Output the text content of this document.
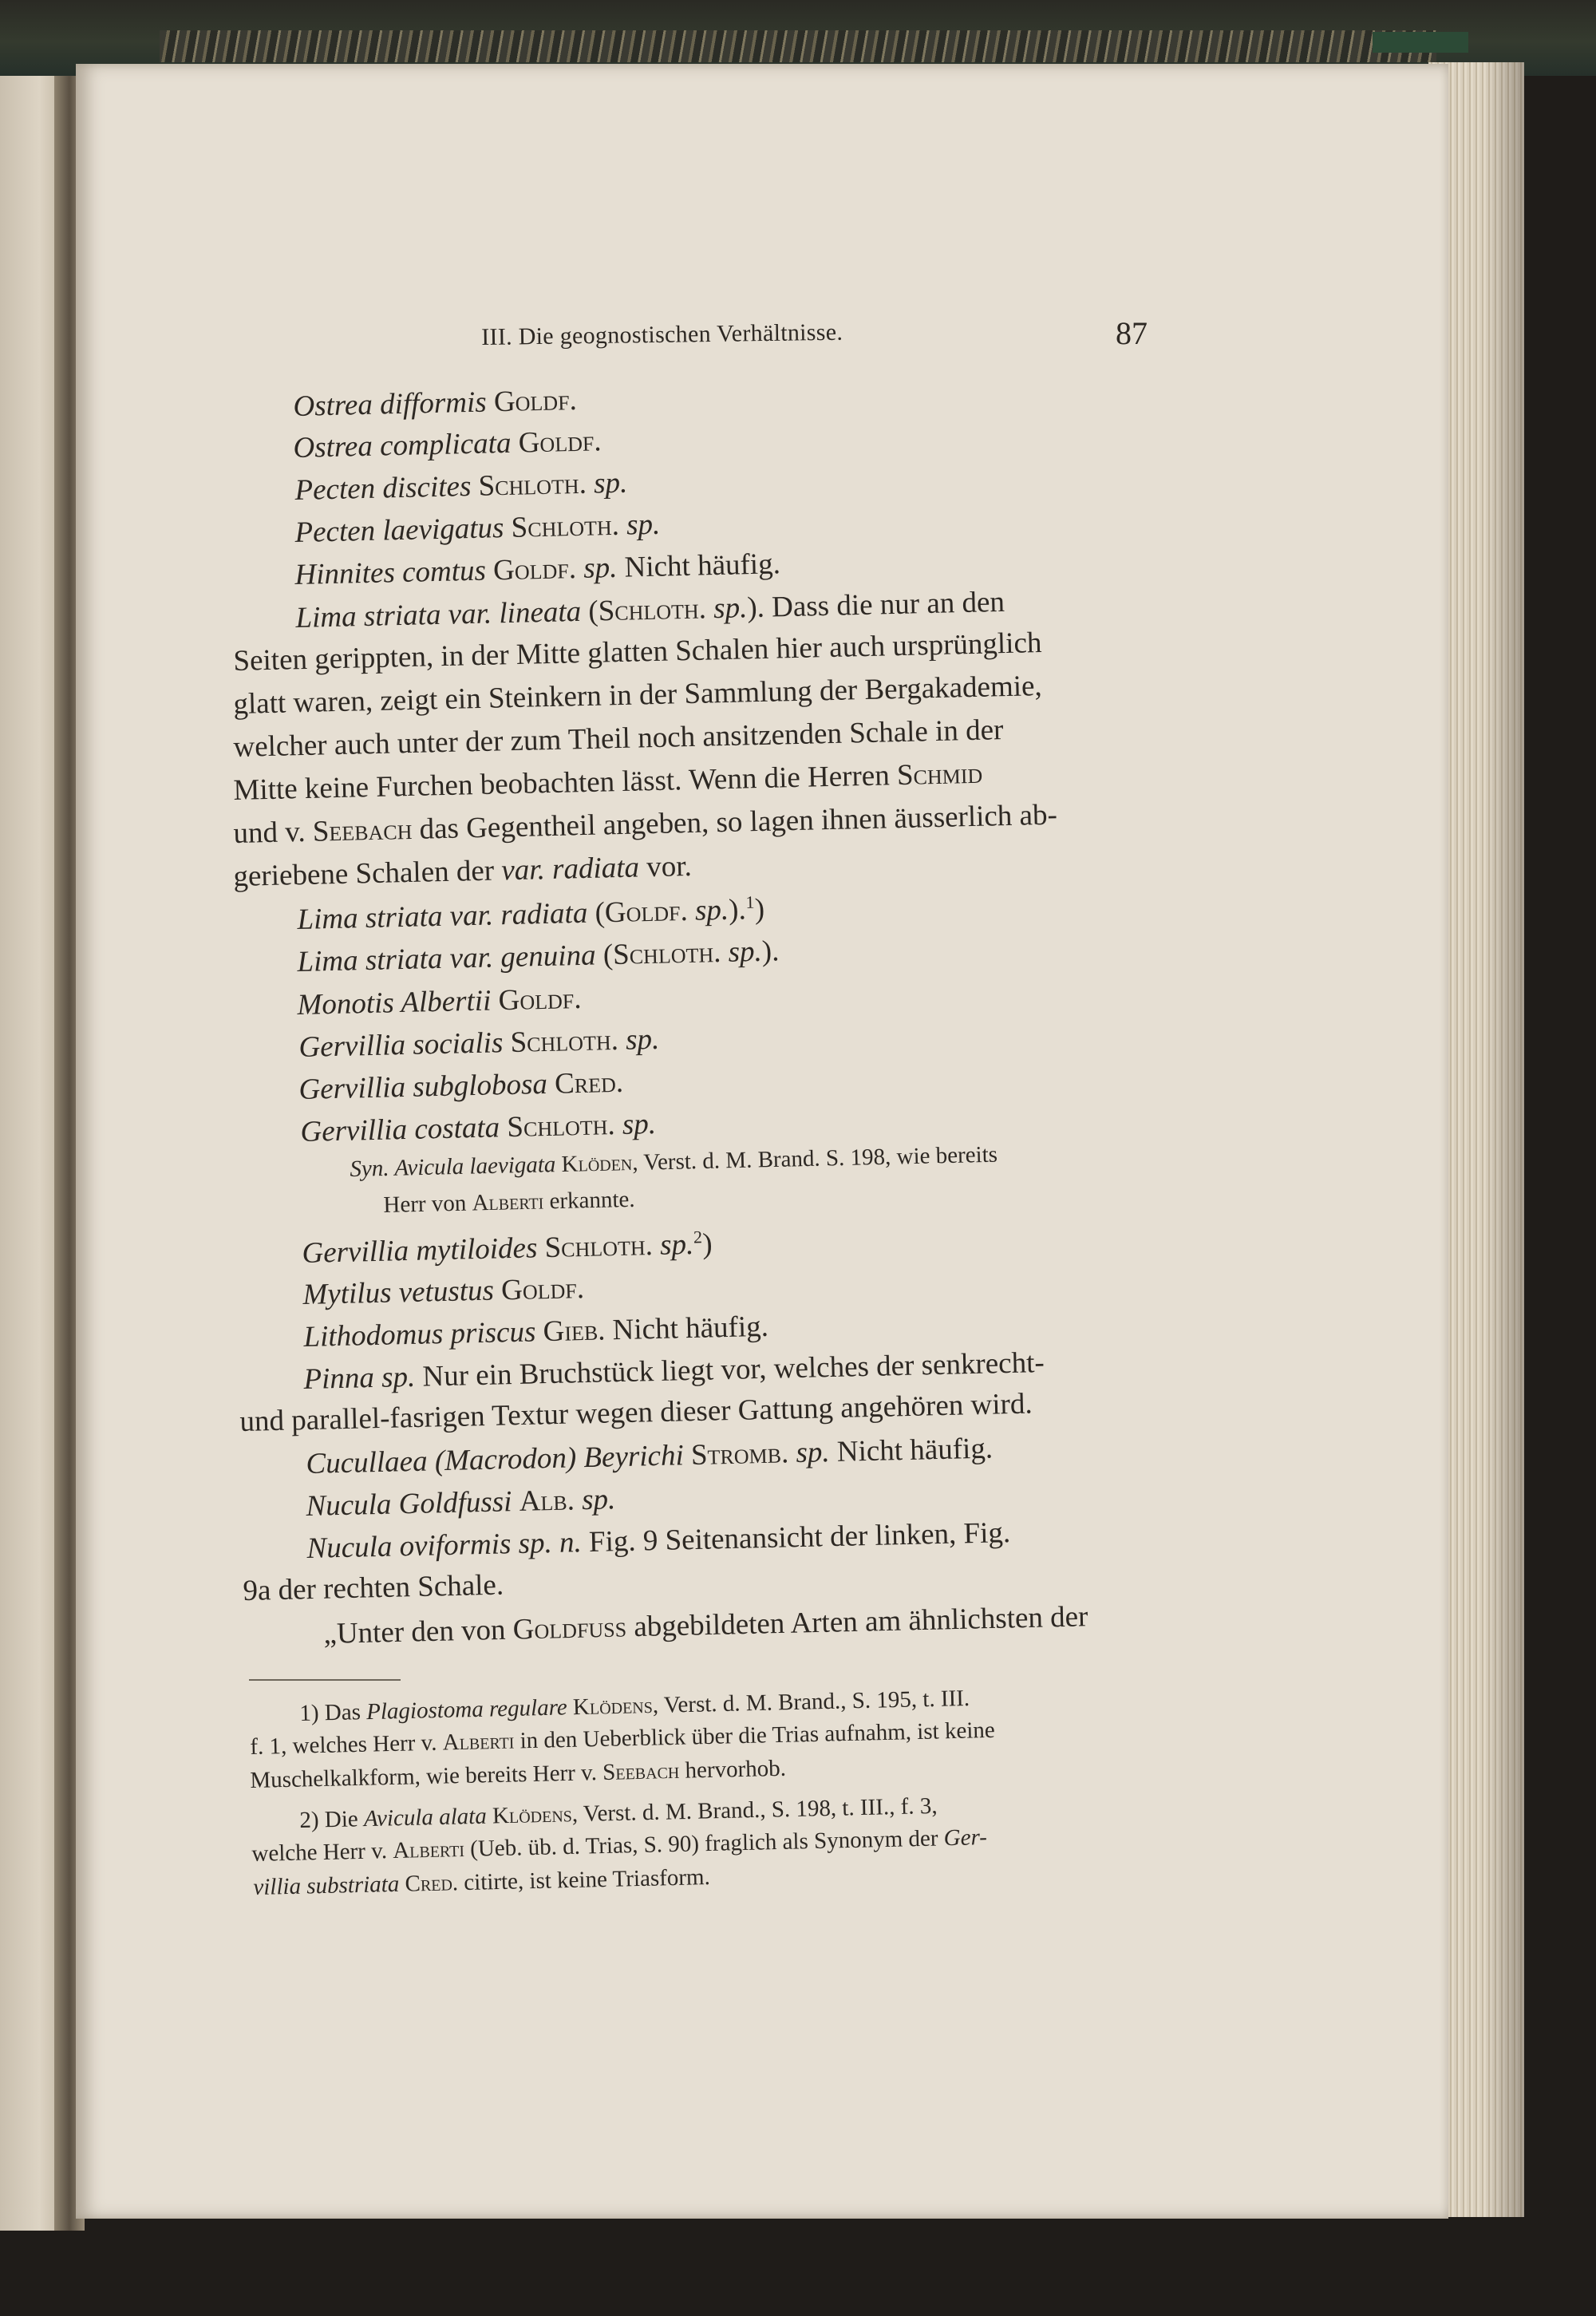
III. Die geognostischen Verhältnisse.	87
Ostrea difformis Goldf.
Ostrea complicata Goldf.
Pecten discites Schloth. sp.
Pecten laevigatus Schloth. sp.
Hinnites comtus Goldf. sp. Nicht häufig.
Lima striata var. lineata (Schloth. sp.). Dass die nur an den
Seiten gerippten, in der Mitte glatten Schalen hier auch ursprünglich
glatt waren, zeigt ein Steinkern in der Sammlung der Bergakademie,
welcher auch unter der zum Theil noch ansitzenden Schale in der
Mitte keine Furchen beobachten lässt. Wenn die Herren Schmid
und v. Seebach das Gegentheil angeben, so lagen ihnen äusserlich ab-
geriebene Schalen der var. radiata vor.
Lima striata var. radiata (Goldf. sp.).$^1$)
Lima striata var. genuina (Schloth. sp.).
Monotis Albertii Goldf.
Gervillia socialis Schloth. sp.
Gervillia subglobosa Cred.
Gervillia costata Schloth. sp.
Syn. Avicula laevigata Klöden, Verst. d. M. Brand. S. 198, wie bereits
Herr von Alberti erkannte.
Gervillia mytiloides Schloth. sp.$^2$)
Mytilus vetustus Goldf.
Lithodomus priscus Gieb. Nicht häufig.
Pinna sp. Nur ein Bruchstück liegt vor, welches der senkrecht-
und parallel-fasrigen Textur wegen dieser Gattung angehören wird.
Cucullaea (Macrodon) Beyrichi Stromb. sp. Nicht häufig.
Nucula Goldfussi Alb. sp.
Nucula oviformis sp. n. Fig. 9 Seitenansicht der linken, Fig.
9a der rechten Schale.
„Unter den von Goldfuss abgebildeten Arten am ähnlichsten der
1) Das Plagiostoma regulare Klödens, Verst. d. M. Brand., S. 195, t. III.
f. 1, welches Herr v. Alberti in den Ueberblick über die Trias aufnahm, ist keine
Muschelkalkform, wie bereits Herr v. Seebach hervorhob.
2) Die Avicula alata Klödens, Verst. d. M. Brand., S. 198, t. III., f. 3,
welche Herr v. Alberti (Ueb. üb. d. Trias, S. 90) fraglich als Synonym der Ger-
villia substriata Cred. citirte, ist keine Triasform.
